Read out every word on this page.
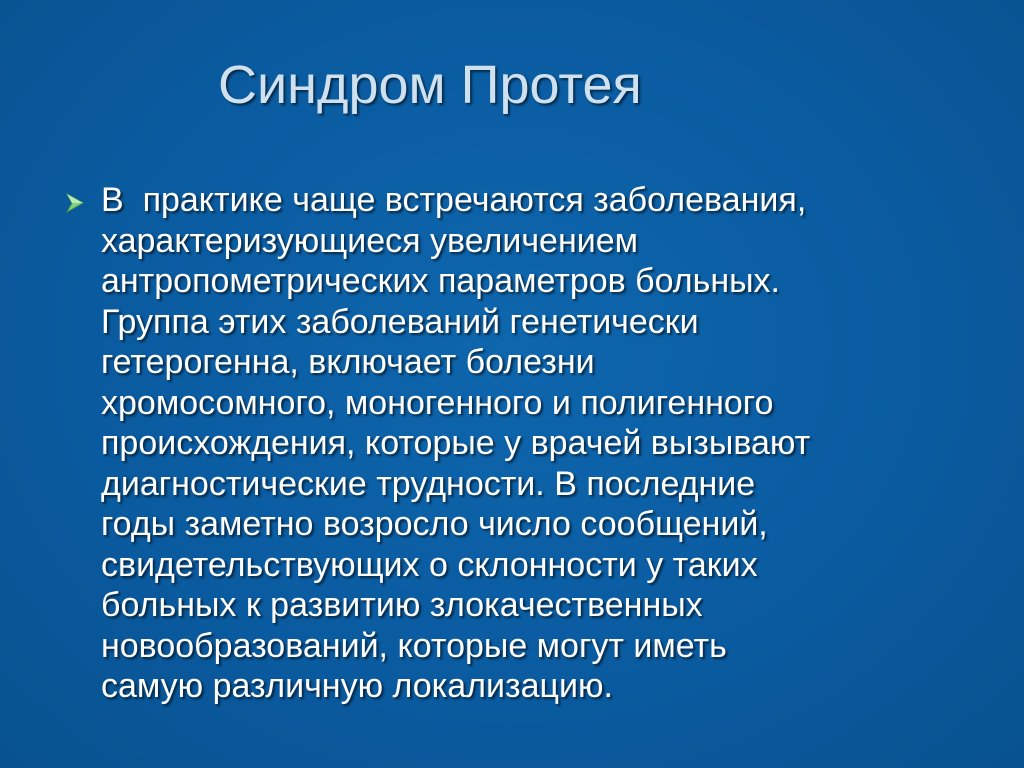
Синдром Протея

В  практике чаще встречаются заболевания,
характеризующиеся увеличением
антропометрических параметров больных.
Группа этих заболеваний генетически
гетерогенна, включает болезни
хромосомного, моногенного и полигенного
происхождения, которые у врачей вызывают
диагностические трудности. В последние
годы заметно возросло число сообщений,
свидетельствующих о склонности у таких
больных к развитию злокачественных
новообразований, которые могут иметь
самую различную локализацию.
